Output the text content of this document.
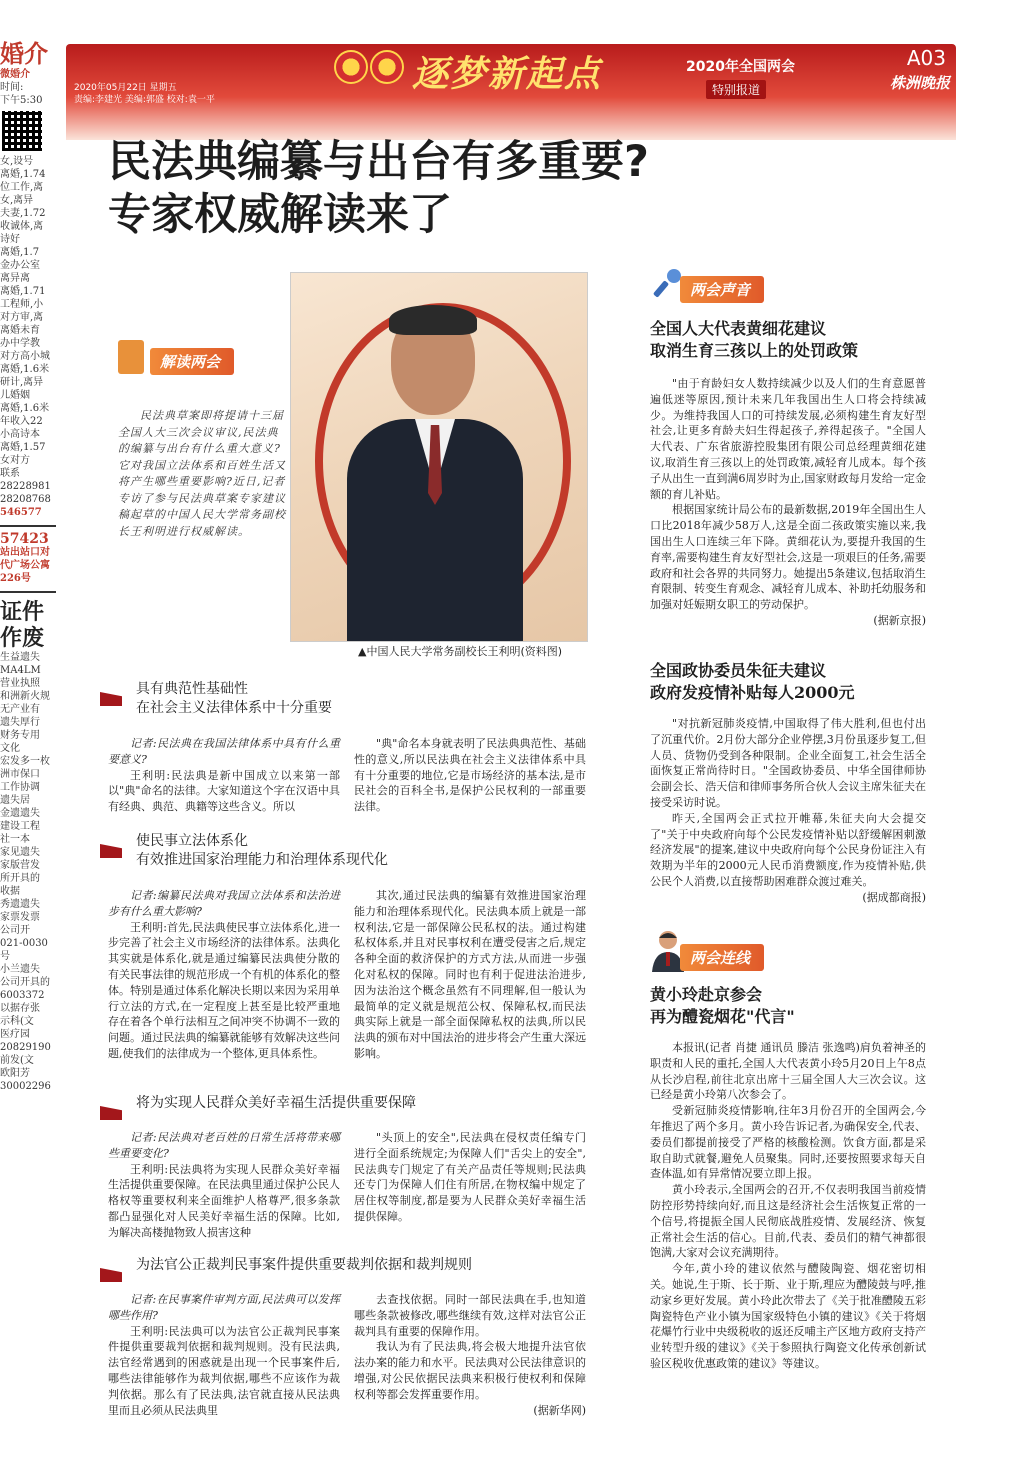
婚介
微婚介
时间:
下午5:30
女,设号
离婚,1.74
位工作,离
女,离异
夫妻,1.72
收诚体,离
诗好
离婚,1.7
金办公室
离异离
离婚,1.71
工程师,小
对方审,离
离婚未育
办中学教
对方高小城
离婚,1.6米
研计,离异
儿婚姻
离婚,1.6米
年收入22
小高诗本
离婚,1.57
女对方
联系
28228981
28208768
546577
57423
站出站口对
代广场公寓
226号
证件作废
生益遗失
MA4LM
营业执照
和洲新火规
无产业有
遗失厚行
财务专用
文化
宏发多一枚
洲市保口
工作协调
遗失居
金遗遗失
建设工程
社一本
家见遗失
家版营发
所开具的
收据
秀遗遗失
家票发票
公司开
021-0030
号
小兰遗失
公司开具的
6003372
以据存张
示科(文
医疗园
20829190
前发(文
欧阳芳
30002296
2020年05月22日 星期五
责编:李建光 美编:郭盛 校对:袁一平
逐梦新起点	2020年全国两会
特别报道
A03
株洲晚报
民法典编纂与出台有多重要?
专家权威解读来了
解读两会
民法典草案即将提请十三届全国人大三次会议审议,民法典的编纂与出台有什么重大意义?它对我国立法体系和百姓生活又将产生哪些重要影响?近日,记者专访了参与民法典草案专家建议稿起草的中国人民大学常务副校长王利明进行权威解读。
▲中国人民大学常务副校长王利明(资料图)
具有典范性基础性
在社会主义法律体系中十分重要

记者:民法典在我国法律体系中具有什么重要意义?

王利明:民法典是新中国成立以来第一部以"典"命名的法律。大家知道这个字在汉语中具有经典、典范、典籍等这些含义。所以

"典"命名本身就表明了民法典典范性、基础性的意义,所以民法典在社会主义法律体系中具有十分重要的地位,它是市场经济的基本法,是市民社会的百科全书,是保护公民权利的一部重要法律。

使民事立法体系化
有效推进国家治理能力和治理体系现代化

记者:编纂民法典对我国立法体系和法治进步有什么重大影响?

王利明:首先,民法典使民事立法体系化,进一步完善了社会主义市场经济的法律体系。法典化其实就是体系化,就是通过编纂民法典使分散的有关民事法律的规范形成一个有机的体系化的整体。特别是通过体系化解决长期以来因为采用单行立法的方式,在一定程度上甚至是比较严重地存在着各个单行法相互之间冲突不协调不一致的问题。通过民法典的编纂就能够有效解决这些问题,使我们的法律成为一个整体,更具体系性。

其次,通过民法典的编纂有效推进国家治理能力和治理体系现代化。民法典本质上就是一部权利法,它是一部保障公民私权的法。通过构建私权体系,并且对民事权利在遭受侵害之后,规定各种全面的救济保护的方式方法,从而进一步强化对私权的保障。同时也有利于促进法治进步,因为法治这个概念虽然有不同理解,但一般认为最简单的定义就是规范公权、保障私权,而民法典实际上就是一部全面保障私权的法典,所以民法典的颁布对中国法治的进步将会产生重大深远影响。

将为实现人民群众美好幸福生活提供重要保障

记者:民法典对老百姓的日常生活将带来哪些重要变化?

王利明:民法典将为实现人民群众美好幸福生活提供重要保障。在民法典里通过保护公民人格权等重要权利来全面维护人格尊严,很多条款都凸显强化对人民美好幸福生活的保障。比如,为解决高楼抛物致人损害这种

"头顶上的安全",民法典在侵权责任编专门进行全面系统规定;为保障人们"舌尖上的安全",民法典专门规定了有关产品责任等规则;民法典还专门为保障人们住有所居,在物权编中规定了居住权等制度,都是要为人民群众美好幸福生活提供保障。

为法官公正裁判民事案件提供重要裁判依据和裁判规则

记者:在民事案件审判方面,民法典可以发挥哪些作用?

王利明:民法典可以为法官公正裁判民事案件提供重要裁判依据和裁判规则。没有民法典,法官经常遇到的困惑就是出现一个民事案件后,哪些法律能够作为裁判依据,哪些不应该作为裁判依据。那么有了民法典,法官就直接从民法典里而且必须从民法典里

去查找依据。同时一部民法典在手,也知道哪些条款被修改,哪些继续有效,这样对法官公正裁判具有重要的保障作用。

我认为有了民法典,将会极大地提升法官依法办案的能力和水平。民法典对公民法律意识的增强,对公民依据民法典来积极行使权利和保障权利等都会发挥重要作用。

(据新华网)
两会声音
全国人大代表黄细花建议
取消生育三孩以上的处罚政策

"由于育龄妇女人数持续减少以及人们的生育意愿普遍低迷等原因,预计未来几年我国出生人口将会持续减少。为维持我国人口的可持续发展,必须构建生育友好型社会,让更多育龄夫妇生得起孩子,养得起孩子。"全国人大代表、广东省旅游控股集团有限公司总经理黄细花建议,取消生育三孩以上的处罚政策,减轻育儿成本。每个孩子从出生一直到满6周岁时为止,国家财政每月发给一定金额的育儿补贴。

根据国家统计局公布的最新数据,2019年全国出生人口比2018年减少58万人,这是全面二孩政策实施以来,我国出生人口连续三年下降。黄细花认为,要提升我国的生育率,需要构建生育友好型社会,这是一项艰巨的任务,需要政府和社会各界的共同努力。她提出5条建议,包括取消生育限制、转变生育观念、减轻育儿成本、补助托幼服务和加强对妊娠期女职工的劳动保护。

(据新京报)
全国政协委员朱征夫建议
政府发疫情补贴每人2000元

"对抗新冠肺炎疫情,中国取得了伟大胜利,但也付出了沉重代价。2月份大部分企业停摆,3月份虽逐步复工,但人员、货物仍受到各种限制。企业全面复工,社会生活全面恢复正常尚待时日。"全国政协委员、中华全国律师协会副会长、浩天信和律师事务所合伙人会议主席朱征夫在接受采访时说。

昨天,全国两会正式拉开帷幕,朱征夫向大会提交了"关于中央政府向每个公民发疫情补贴以舒缓解困刺激经济发展"的提案,建议中央政府向每个公民身份证注入有效期为半年的2000元人民币消费额度,作为疫情补贴,供公民个人消费,以直接帮助困难群众渡过难关。

(据成都商报)
两会连线
黄小玲赴京参会
再为醴瓷烟花"代言"

本报讯(记者 肖捷 通讯员 滕洁 张逸鸣)肩负着神圣的职责和人民的重托,全国人大代表黄小玲5月20日上午8点从长沙启程,前往北京出席十三届全国人大三次会议。这已经是黄小玲第八次参会了。

受新冠肺炎疫情影响,往年3月份召开的全国两会,今年推迟了两个多月。黄小玲告诉记者,为确保安全,代表、委员们都提前接受了严格的核酸检测。饮食方面,都是采取自助式就餐,避免人员聚集。同时,还要按照要求每天自查体温,如有异常情况要立即上报。

黄小玲表示,全国两会的召开,不仅表明我国当前疫情防控形势持续向好,而且这是经济社会生活恢复正常的一个信号,将提振全国人民彻底战胜疫情、发展经济、恢复正常社会生活的信心。目前,代表、委员们的精气神都很饱满,大家对会议充满期待。

今年,黄小玲的建议依然与醴陵陶瓷、烟花密切相关。她说,生于斯、长于斯、业于斯,理应为醴陵鼓与呼,推动家乡更好发展。黄小玲此次带去了《关于批准醴陵五彩陶瓷特色产业小镇为国家级特色小镇的建议》《关于将烟花爆竹行业中央级税收的返还反哺主产区地方政府支持产业转型升级的建议》《关于参照执行陶瓷文化传承创新试验区税收优惠政策的建议》等建议。
